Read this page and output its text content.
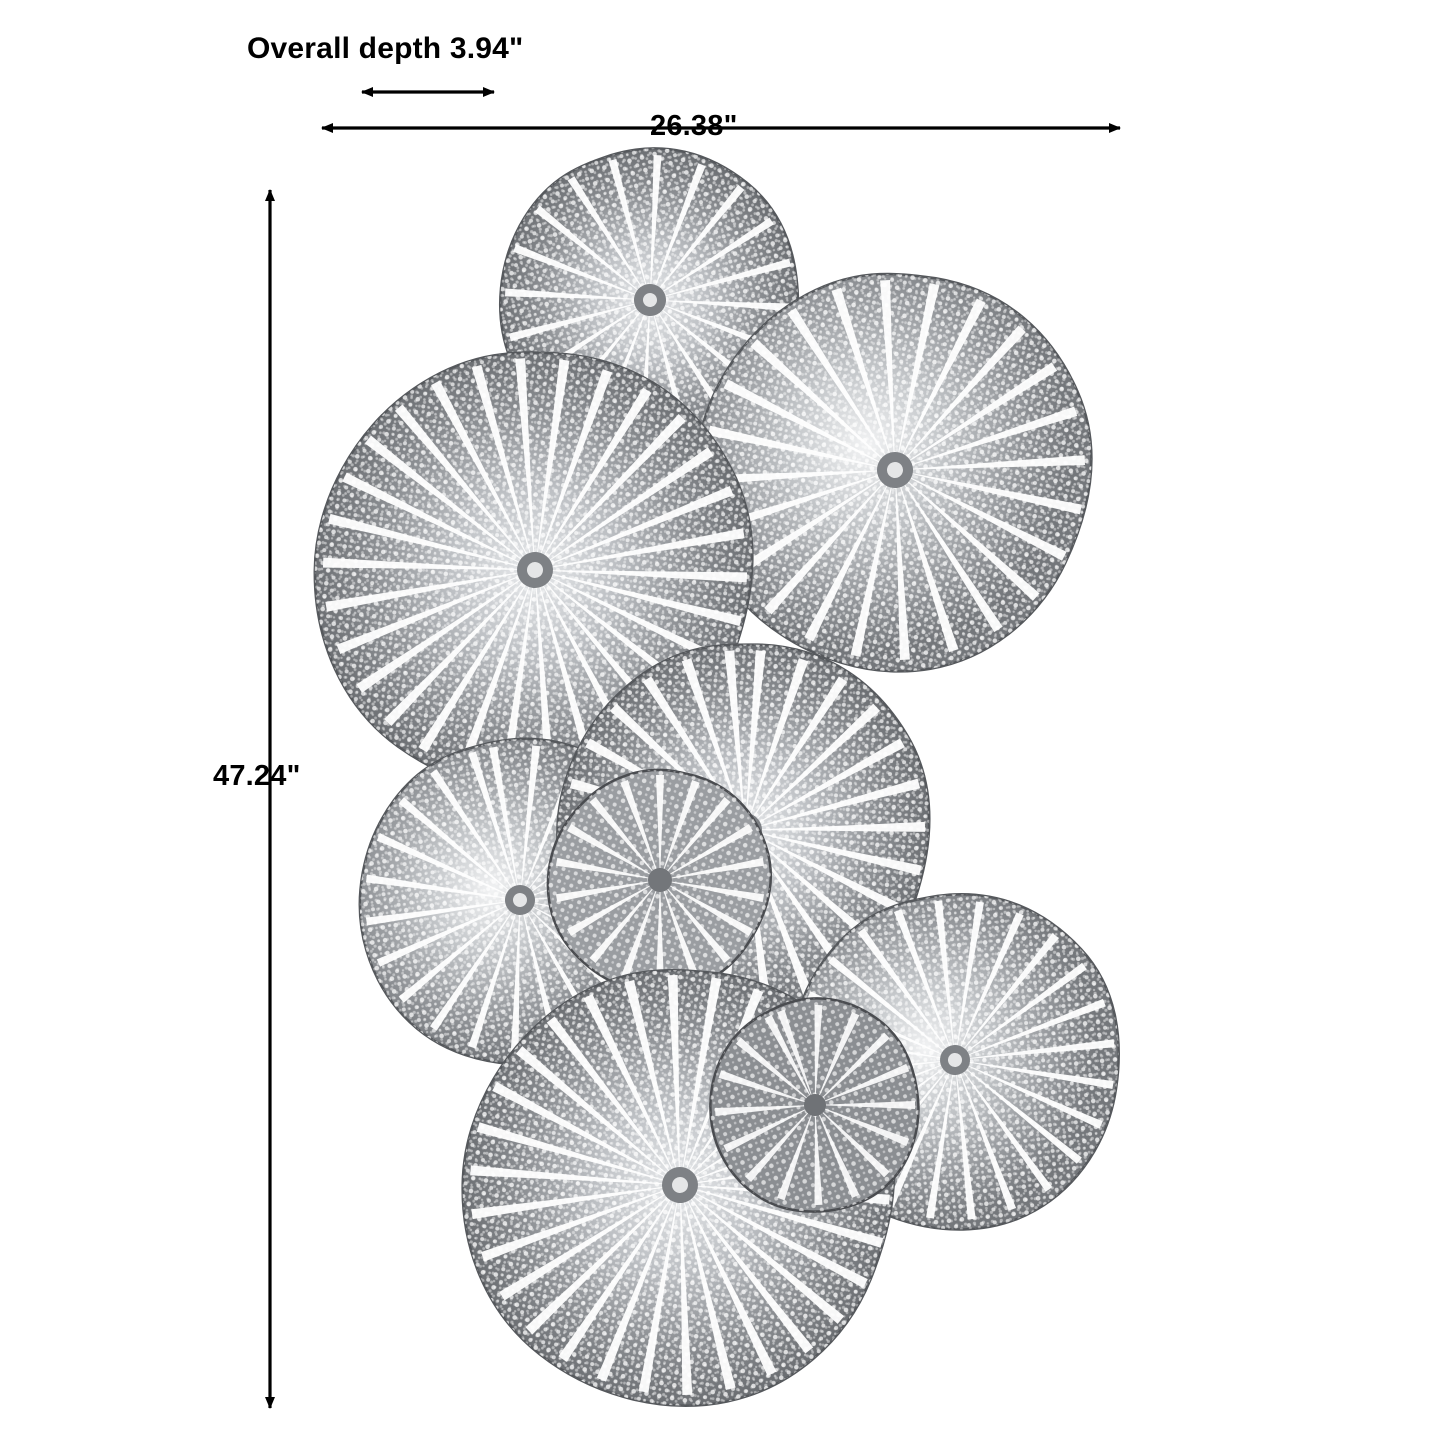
Overall depth 3.94"
26.38"
47.24"
